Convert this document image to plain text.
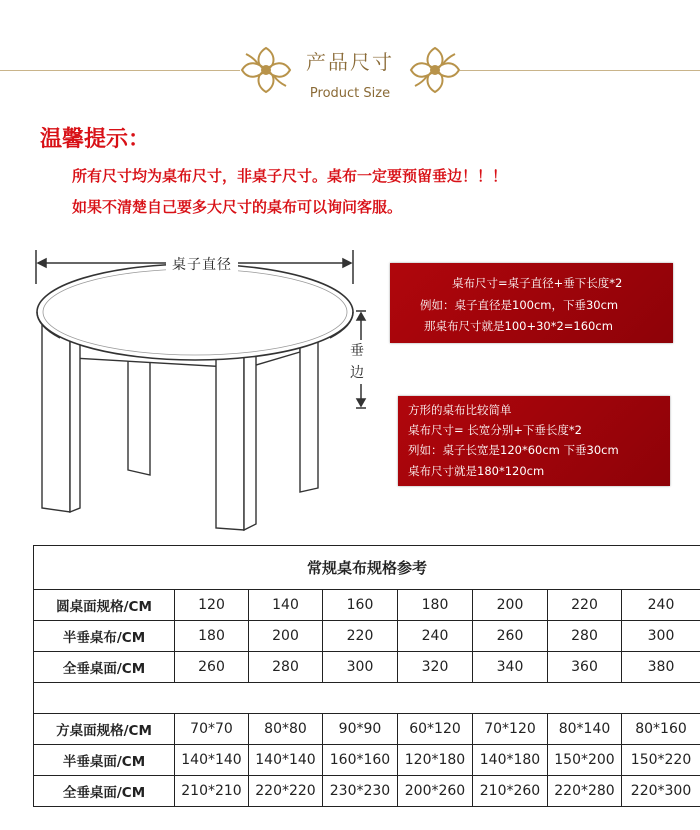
产品尺寸
Product Size
温馨提示：
所有尺寸均为桌布尺寸，非桌子尺寸。桌布一定要预留垂边！！！
如果不清楚自己要多大尺寸的桌布可以询问客服。
桌子直径
垂
边
桌布尺寸=桌子直径+垂下长度*2
例如：桌子直径是100cm，下垂30cm
那桌布尺寸就是100+30*2=160cm
方形的桌布比较简单
桌布尺寸= 长宽分别+下垂长度*2
列如：桌子长宽是120*60cm 下垂30cm
桌布尺寸就是180*120cm
常规桌布规格参考							
圆桌面规格/CM	120	140	160	180	200	220	240
半垂桌布/CM	180	200	220	240	260	280	300
全垂桌面/CM	260	280	300	320	340	360	380

方桌面规格/CM	70*70	80*80	90*90	60*120	70*120	80*140	80*160
半垂桌面/CM	140*140	140*140	160*160	120*180	140*180	150*200	150*220
全垂桌面/CM	210*210	220*220	230*230	200*260	210*260	220*280	220*300
